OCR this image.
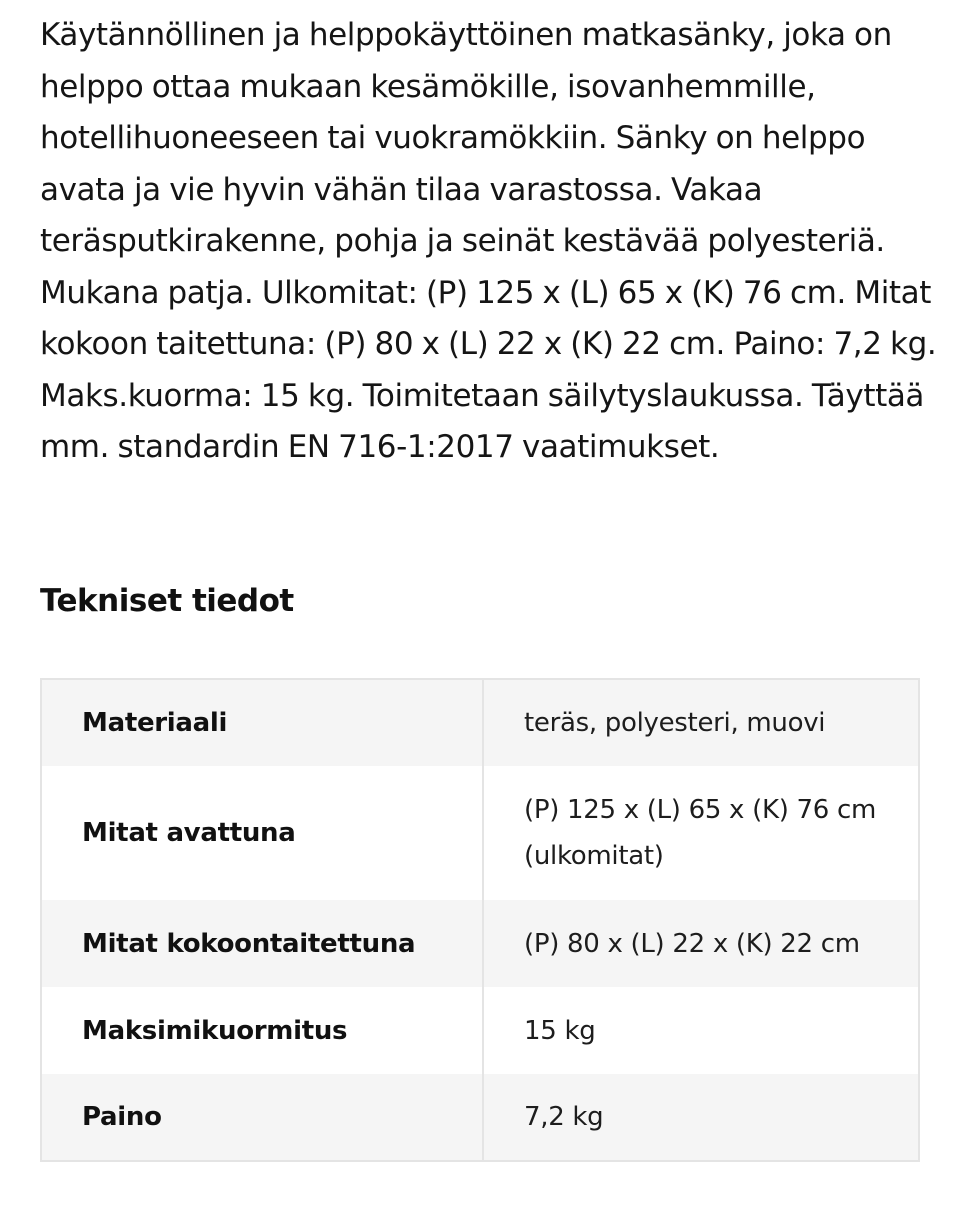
Käytännöllinen ja helppokäyttöinen matkasänky, joka on
helppo ottaa mukaan kesämökille, isovanhemmille,
hotellihuoneeseen tai vuokramökkiin. Sänky on helppo
avata ja vie hyvin vähän tilaa varastossa. Vakaa
teräsputkirakenne, pohja ja seinät kestävää polyesteriä.
Mukana patja. Ulkomitat: (P) 125 x (L) 65 x (K) 76 cm. Mitat
kokoon taitettuna: (P) 80 x (L) 22 x (K) 22 cm. Paino: 7,2 kg.
Maks.kuorma: 15 kg. Toimitetaan säilytyslaukussa. Täyttää
mm. standardin EN 716-1:2017 vaatimukset.

Tekniset tiedot
Materiaali	teräs, polyesteri, muovi
Mitat avattuna	(P) 125 x (L) 65 x (K) 76 cm
(ulkomitat)
Mitat kokoontaitettuna	(P) 80 x (L) 22 x (K) 22 cm
Maksimikuormitus	15 kg
Paino	7,2 kg
